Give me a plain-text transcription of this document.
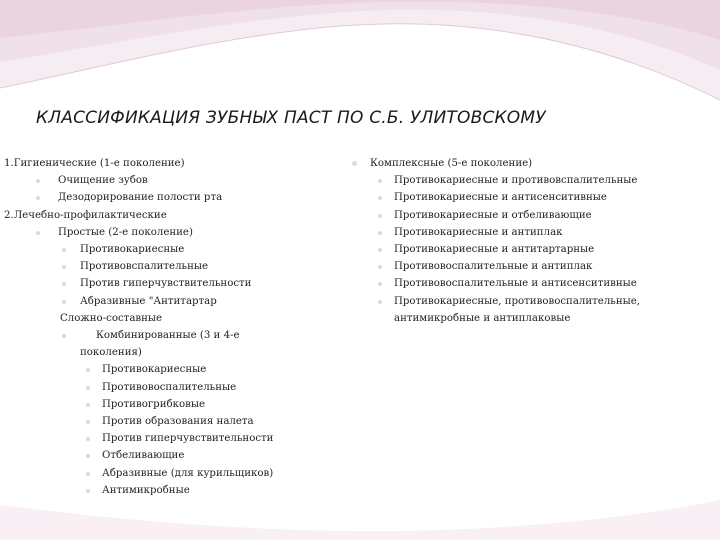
КЛАССИФИКАЦИЯ ЗУБНЫХ ПАСТ ПО С.Б. УЛИТОВСКОМУ
1.Гигиенические (1-е поколение)
Очищение зубов
Дезодорирование полости рта
2.Лечебно-профилактические
Простые (2-е поколение)
Противокариесные
Противовспалительные
Против гиперчувствительности
Абразивные "Антитартар
Сложно-составные
Комбинированные (3 и 4-е
поколения)
Противокариесные
Противовоспалительные
Противогрибковые
Против образования налета
Против гиперчувствительности
Отбеливающие
Абразивные (для курильщиков)
Антимикробные
Комплексные (5-е поколение)
Противокариесные и противовспалительные
Противокариесные и антисенситивные
Противокариесные и отбеливающие
Противокариесные и антиплак
Противокариесные и антитартарные
Противовоспалительные и антиплак
Противовоспалительные и антисенситивные
Противокариесные, противовоспалительные,
антимикробные и антиплаковые
